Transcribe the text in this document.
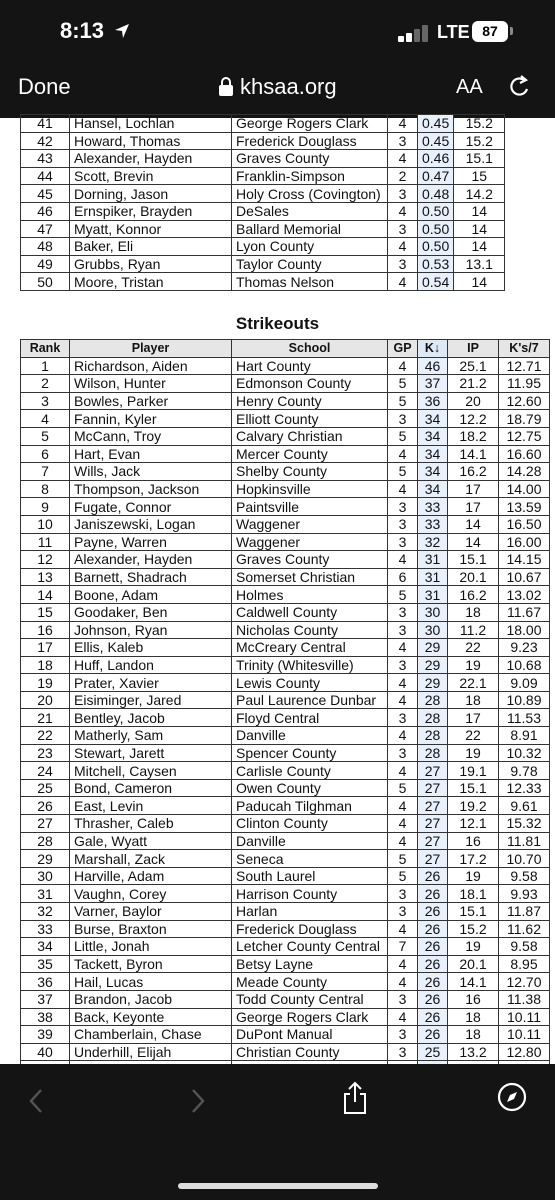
8:13	LTE 87
Done	khsaa.org	AA
41	Hansel, Lochlan	George Rogers Clark	4	0.45	15.2
42	Howard, Thomas	Frederick Douglass	3	0.45	15.2
43	Alexander, Hayden	Graves County	4	0.46	15.1
44	Scott, Brevin	Franklin-Simpson	2	0.47	15
45	Dorning, Jason	Holy Cross (Covington)	3	0.48	14.2
46	Ernspiker, Brayden	DeSales	4	0.50	14
47	Myatt, Konnor	Ballard Memorial	3	0.50	14
48	Baker, Eli	Lyon County	4	0.50	14
49	Grubbs, Ryan	Taylor County	3	0.53	13.1
50	Moore, Tristan	Thomas Nelson	4	0.54	14
Strikeouts
Rank	Player	School	GP	K↓	IP	K's/7
1	Richardson, Aiden	Hart County	4	46	25.1	12.71
2	Wilson, Hunter	Edmonson County	5	37	21.2	11.95
3	Bowles, Parker	Henry County	5	36	20	12.60
4	Fannin, Kyler	Elliott County	3	34	12.2	18.79
5	McCann, Troy	Calvary Christian	5	34	18.2	12.75
6	Hart, Evan	Mercer County	4	34	14.1	16.60
7	Wills, Jack	Shelby County	5	34	16.2	14.28
8	Thompson, Jackson	Hopkinsville	4	34	17	14.00
9	Fugate, Connor	Paintsville	3	33	17	13.59
10	Janiszewski, Logan	Waggener	3	33	14	16.50
11	Payne, Warren	Waggener	3	32	14	16.00
12	Alexander, Hayden	Graves County	4	31	15.1	14.15
13	Barnett, Shadrach	Somerset Christian	6	31	20.1	10.67
14	Boone, Adam	Holmes	5	31	16.2	13.02
15	Goodaker, Ben	Caldwell County	3	30	18	11.67
16	Johnson, Ryan	Nicholas County	3	30	11.2	18.00
17	Ellis, Kaleb	McCreary Central	4	29	22	9.23
18	Huff, Landon	Trinity (Whitesville)	3	29	19	10.68
19	Prater, Xavier	Lewis County	4	29	22.1	9.09
20	Eisiminger, Jared	Paul Laurence Dunbar	4	28	18	10.89
21	Bentley, Jacob	Floyd Central	3	28	17	11.53
22	Matherly, Sam	Danville	4	28	22	8.91
23	Stewart, Jarett	Spencer County	3	28	19	10.32
24	Mitchell, Caysen	Carlisle County	4	27	19.1	9.78
25	Bond, Cameron	Owen County	5	27	15.1	12.33
26	East, Levin	Paducah Tilghman	4	27	19.2	9.61
27	Thrasher, Caleb	Clinton County	4	27	12.1	15.32
28	Gale, Wyatt	Danville	4	27	16	11.81
29	Marshall, Zack	Seneca	5	27	17.2	10.70
30	Harville, Adam	South Laurel	5	26	19	9.58
31	Vaughn, Corey	Harrison County	3	26	18.1	9.93
32	Varner, Baylor	Harlan	3	26	15.1	11.87
33	Burse, Braxton	Frederick Douglass	4	26	15.2	11.62
34	Little, Jonah	Letcher County Central	7	26	19	9.58
35	Tackett, Byron	Betsy Layne	4	26	20.1	8.95
36	Hail, Lucas	Meade County	4	26	14.1	12.70
37	Brandon, Jacob	Todd County Central	3	26	16	11.38
38	Back, Keyonte	George Rogers Clark	4	26	18	10.11
39	Chamberlain, Chase	DuPont Manual	3	26	18	10.11
40	Underhill, Elijah	Christian County	3	25	13.2	12.80
